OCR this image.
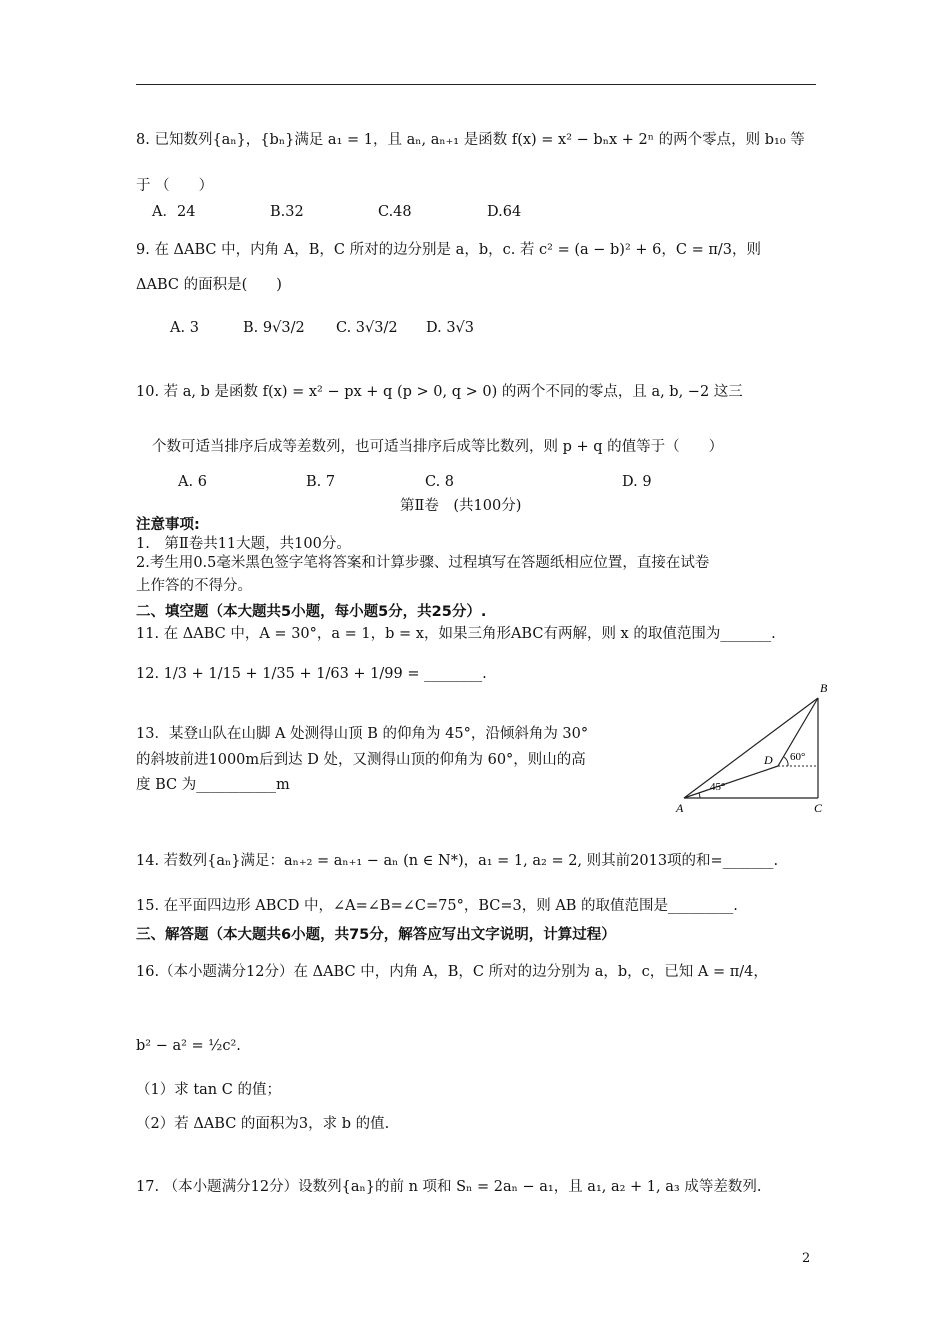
8. 已知数列{aₙ}，{bₙ}满足 a₁ = 1，且 aₙ, aₙ₊₁ 是函数 f(x) = x² − bₙx + 2ⁿ 的两个零点，则 b₁₀ 等
于 （　　）
A．24	B.32	C.48	D.64
9. 在 ΔABC 中，内角 A，B，C 所对的边分别是 a，b，c. 若 c² = (a − b)² + 6，C = π/3，则
ΔABC 的面积是(　　)
A. 3	B. 9√3/2 C. 3√3/2 D. 3√3
10. 若 a, b 是函数 f(x) = x² − px + q (p > 0, q > 0) 的两个不同的零点，且 a, b, −2 这三
个数可适当排序后成等差数列，也可适当排序后成等比数列，则 p + q 的值等于（　　）
A. 6	B. 7	C. 8	D. 9
第Ⅱ卷　(共100分)
注意事项:
1.　第Ⅱ卷共11大题，共100分。
2.考生用0.5毫米黑色签字笔将答案和计算步骤、过程填写在答题纸相应位置，直接在试卷
上作答的不得分。
二、填空题（本大题共5小题，每小题5分，共25分）.
11. 在 ΔABC 中，A = 30°，a = 1，b = x，如果三角形ABC有两解，则 x 的取值范围为_______.
12. 1/3 + 1/15 + 1/35 + 1/63 + 1/99 = ________.
13．某登山队在山脚 A 处测得山顶 B 的仰角为 45°，沿倾斜角为 30°
的斜坡前进1000m后到达 D 处，又测得山顶的仰角为 60°，则山的高
度 BC 为___________m
B
A	C
D 60°
45°
14. 若数列{aₙ}满足：aₙ₊₂ = aₙ₊₁ − aₙ (n ∈ N*)，a₁ = 1, a₂ = 2, 则其前2013项的和=_______.
15. 在平面四边形 ABCD 中，∠A=∠B=∠C=75°，BC=3，则 AB 的取值范围是_________.
三、解答题（本大题共6小题，共75分，解答应写出文字说明，计算过程）
16.（本小题满分12分）在 ΔABC 中，内角 A，B，C 所对的边分别为 a，b，c，已知 A = π/4，
b² − a² = ½c².
（1）求 tan C 的值；
（2）若 ΔABC 的面积为3，求 b 的值.
17. （本小题满分12分）设数列{aₙ}的前 n 项和 Sₙ = 2aₙ − a₁，且 a₁, a₂ + 1, a₃ 成等差数列.
2
